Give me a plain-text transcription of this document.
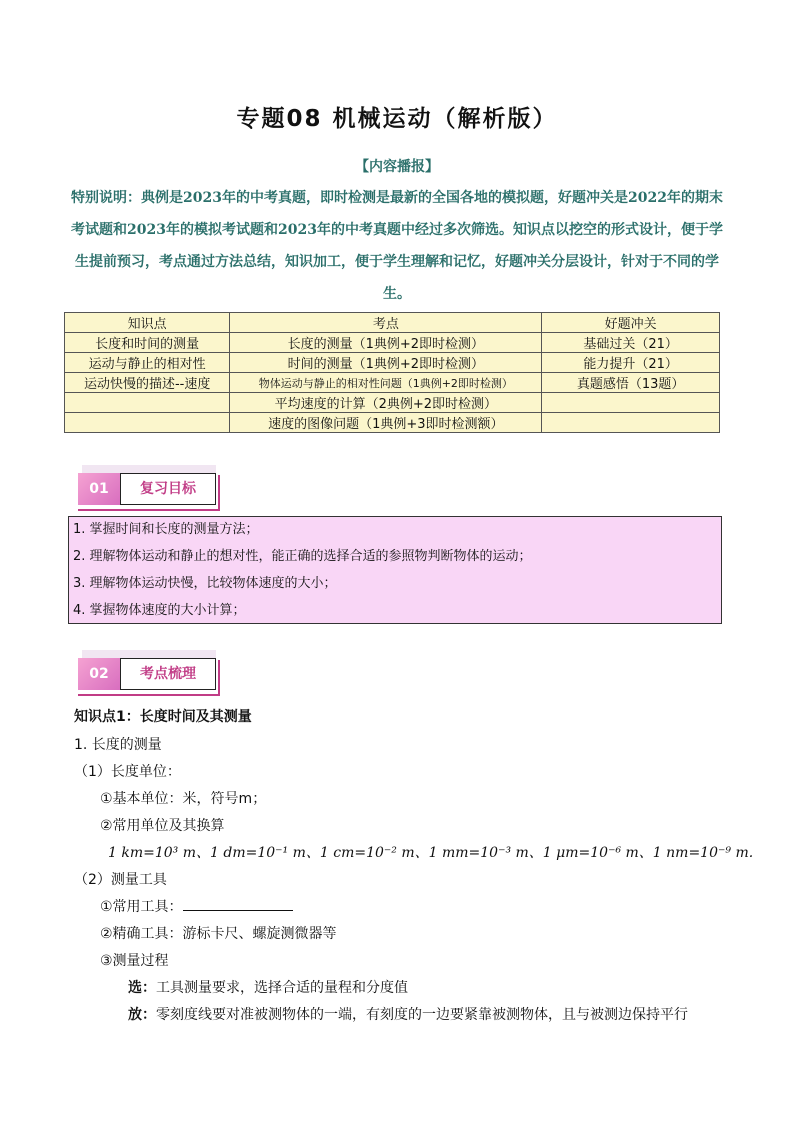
专题08 机械运动（解析版）
【内容播报】
特别说明：典例是2023年的中考真题，即时检测是最新的全国各地的模拟题，好题冲关是2022年的期末考试题和2023年的模拟考试题和2023年的中考真题中经过多次筛选。知识点以挖空的形式设计，便于学生提前预习，考点通过方法总结，知识加工，便于学生理解和记忆，好题冲关分层设计，针对于不同的学生。
知识点	考点	好题冲关
长度和时间的测量	长度的测量（1典例+2即时检测）	基础过关（21）
运动与静止的相对性	时间的测量（1典例+2即时检测）	能力提升（21）
运动快慢的描述--速度	物体运动与静止的相对性问题（1典例+2即时检测）	真题感悟（13题）
	平均速度的计算（2典例+2即时检测）	
	速度的图像问题（1典例+3即时检测额）	
01	复习目标
1. 掌握时间和长度的测量方法；
2. 理解物体运动和静止的想对性，能正确的选择合适的参照物判断物体的运动；
3. 理解物体运动快慢，比较物体速度的大小；
4. 掌握物体速度的大小计算；
02	考点梳理
知识点1：长度时间及其测量
1. 长度的测量
（1）长度单位：
①基本单位：米，符号m；
②常用单位及其换算
1 km=10³ m、1 dm=10⁻¹ m、1 cm=10⁻² m、1 mm=10⁻³ m、1 μm=10⁻⁶ m、1 nm=10⁻⁹ m.
（2）测量工具
①常用工具：
②精确工具：游标卡尺、螺旋测微器等
③测量过程
选：工具测量要求，选择合适的量程和分度值
放：零刻度线要对准被测物体的一端，有刻度的一边要紧靠被测物体，且与被测边保持平行
